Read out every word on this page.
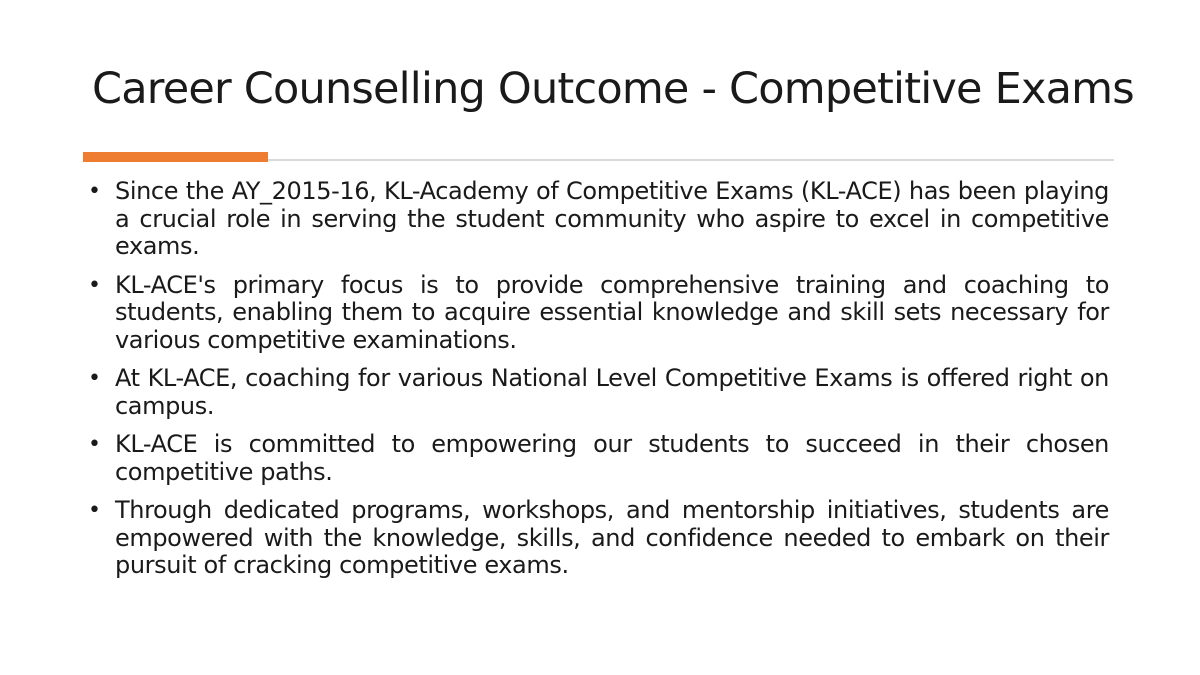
Career Counselling Outcome - Competitive Exams
• Since the AY_2015-16, KL-Academy of Competitive Exams (KL-ACE) has been playing a crucial role in serving the student community who aspire to excel in competitive exams.
• KL-ACE's primary focus is to provide comprehensive training and coaching to students, enabling them to acquire essential knowledge and skill sets necessary for various competitive examinations.
• At KL-ACE, coaching for various National Level Competitive Exams is offered right on campus.
• KL-ACE is committed to empowering our students to succeed in their chosen competitive paths.
• Through dedicated programs, workshops, and mentorship initiatives, students are empowered with the knowledge, skills, and confidence needed to embark on their pursuit of cracking competitive exams.
